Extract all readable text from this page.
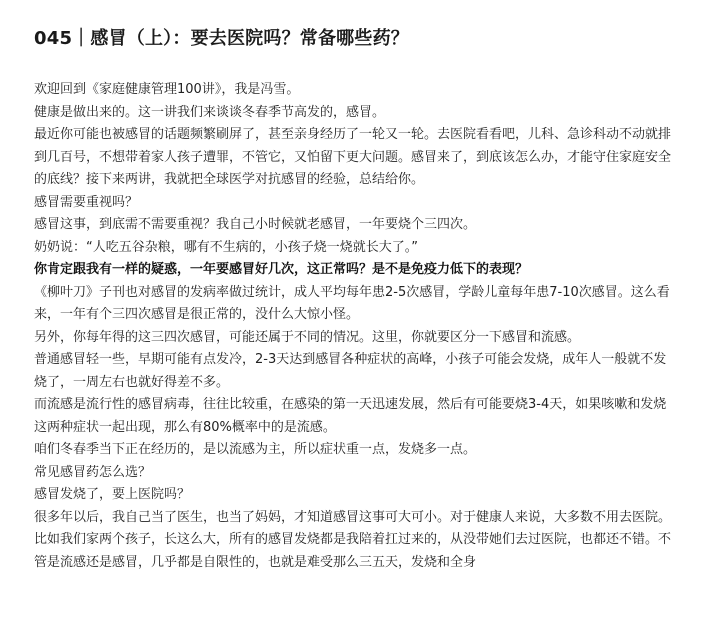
045｜感冒（上）：要去医院吗？常备哪些药？

欢迎回到《家庭健康管理100讲》，我是冯雪。

健康是做出来的。这一讲我们来谈谈冬春季节高发的，感冒。

最近你可能也被感冒的话题频繁刷屏了，甚至亲身经历了一轮又一轮。去医院看看吧，儿科、急诊科动不动就排到几百号，不想带着家人孩子遭罪，不管它，又怕留下更大问题。感冒来了，到底该怎么办，才能守住家庭安全的底线？接下来两讲，我就把全球医学对抗感冒的经验，总结给你。

感冒需要重视吗？

感冒这事，到底需不需要重视？我自己小时候就老感冒，一年要烧个三四次。

奶奶说：“人吃五谷杂粮，哪有不生病的，小孩子烧一烧就长大了。”

你肯定跟我有一样的疑惑，一年要感冒好几次，这正常吗？是不是免疫力低下的表现？

《柳叶刀》子刊也对感冒的发病率做过统计，成人平均每年患2-5次感冒，学龄儿童每年患7-10次感冒。这么看来，一年有个三四次感冒是很正常的，没什么大惊小怪。

另外，你每年得的这三四次感冒，可能还属于不同的情况。这里，你就要区分一下感冒和流感。

普通感冒轻一些，早期可能有点发冷，2-3天达到感冒各种症状的高峰，小孩子可能会发烧，成年人一般就不发烧了，一周左右也就好得差不多。

而流感是流行性的感冒病毒，往往比较重，在感染的第一天迅速发展，然后有可能要烧3-4天，如果咳嗽和发烧这两种症状一起出现，那么有80%概率中的是流感。

咱们冬春季当下正在经历的，是以流感为主，所以症状重一点，发烧多一点。

常见感冒药怎么选？

感冒发烧了，要上医院吗？

很多年以后，我自己当了医生，也当了妈妈，才知道感冒这事可大可小。对于健康人来说，大多数不用去医院。比如我们家两个孩子，长这么大，所有的感冒发烧都是我陪着扛过来的，从没带她们去过医院，也都还不错。不管是流感还是感冒，几乎都是自限性的，也就是难受那么三五天，发烧和全身
